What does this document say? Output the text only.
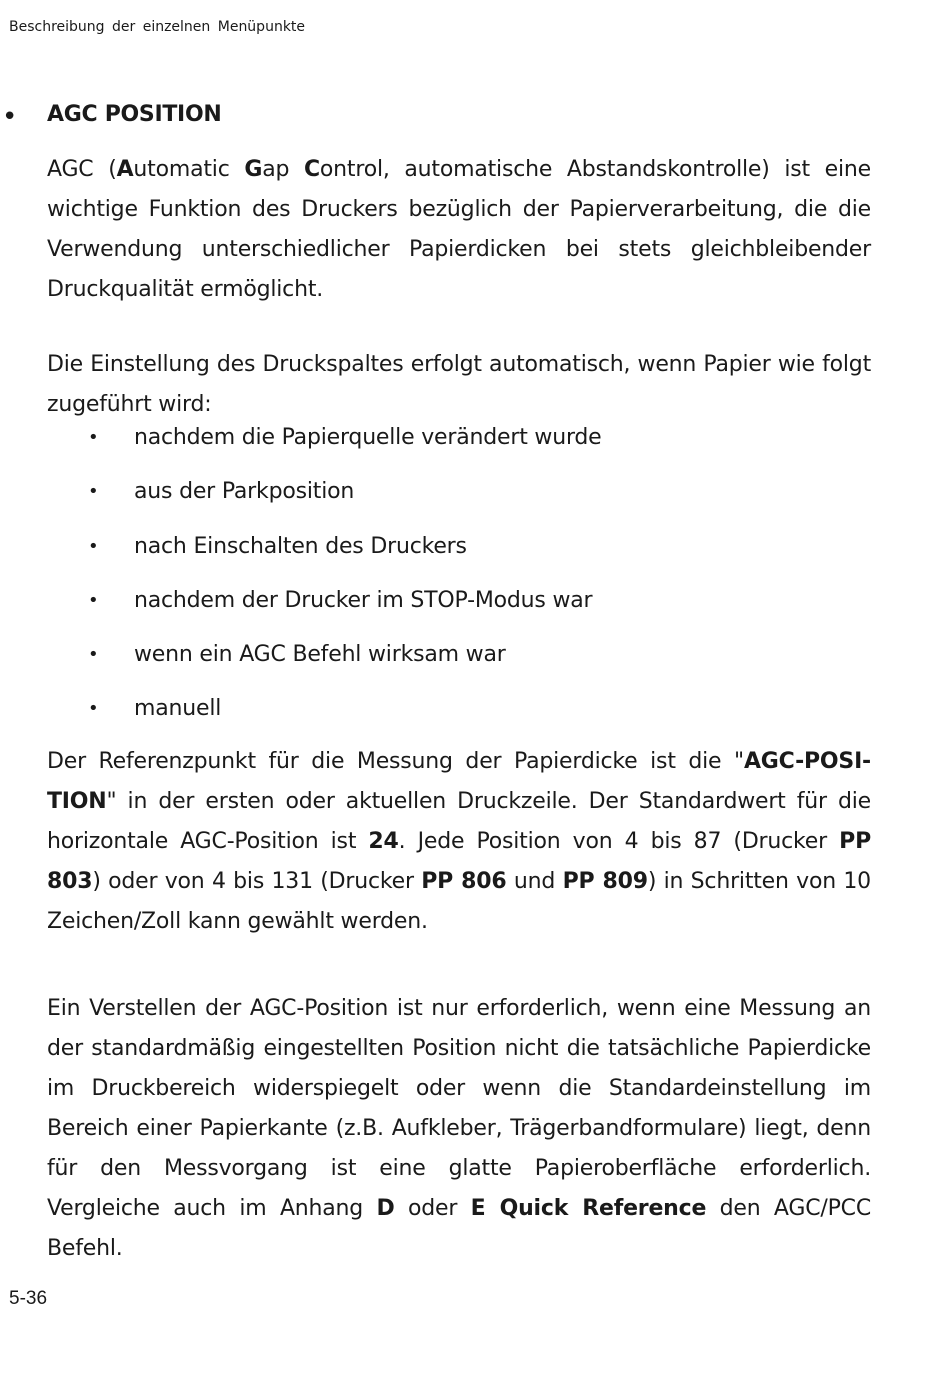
Beschreibung der einzelnen Menüpunkte
• AGC POSITION

AGC (Automatic Gap Control, automatische Abstandskontrolle) ist eine wichtige Funktion des Druckers bezüglich der Papierverarbeitung, die die Verwendung unterschiedlicher Papierdicken bei stets gleichbleibender Druckqualität ermöglicht.

Die Einstellung des Druckspaltes erfolgt automatisch, wenn Papier wie folgt zugeführt wird:

• nachdem die Papierquelle verändert wurde
• aus der Parkposition
• nach Einschalten des Druckers
• nachdem der Drucker im STOP-Modus war
• wenn ein AGC Befehl wirksam war
• manuell

Der Referenzpunkt für die Messung der Papierdicke ist die "AGC-POSI-TION" in der ersten oder aktuellen Druckzeile. Der Standardwert für die horizontale AGC-Position ist 24. Jede Position von 4 bis 87 (Drucker PP 803) oder von 4 bis 131 (Drucker PP 806 und PP 809) in Schritten von 10 Zeichen/Zoll kann gewählt werden.

Ein Verstellen der AGC-Position ist nur erforderlich, wenn eine Messung an der standardmäßig eingestellten Position nicht die tatsächliche Papierdicke im Druckbereich widerspiegelt oder wenn die Standardeinstellung im Bereich einer Papierkante (z.B. Aufkleber, Trägerbandformulare) liegt, denn für den Messvorgang ist eine glatte Papieroberfläche erforderlich. Vergleiche auch im Anhang D oder E Quick Reference den AGC/PCC Befehl.

5-36
